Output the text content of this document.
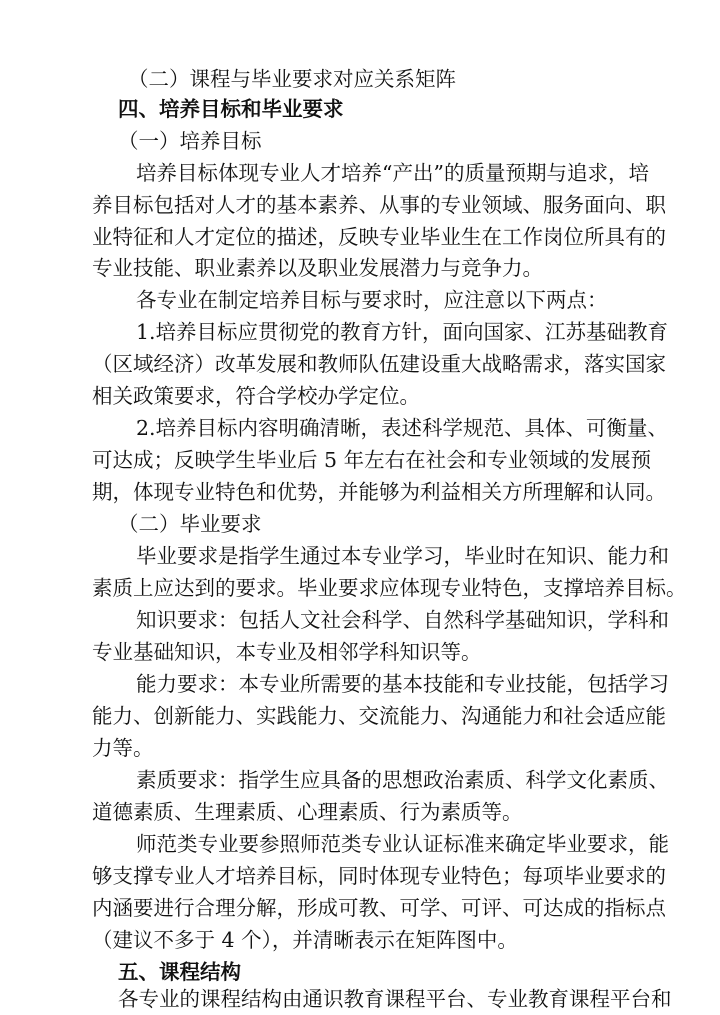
（二）课程与毕业要求对应关系矩阵
四、培养目标和毕业要求
（一）培养目标
培养目标体现专业人才培养“产出”的质量预期与追求，培
养目标包括对人才的基本素养、从事的专业领域、服务面向、职
业特征和人才定位的描述，反映专业毕业生在工作岗位所具有的
专业技能、职业素养以及职业发展潜力与竞争力。
各专业在制定培养目标与要求时，应注意以下两点：
1.培养目标应贯彻党的教育方针，面向国家、江苏基础教育
（区域经济）改革发展和教师队伍建设重大战略需求，落实国家
相关政策要求，符合学校办学定位。
2.培养目标内容明确清晰，表述科学规范、具体、可衡量、
可达成；反映学生毕业后 5 年左右在社会和专业领域的发展预
期，体现专业特色和优势，并能够为利益相关方所理解和认同。
（二）毕业要求
毕业要求是指学生通过本专业学习，毕业时在知识、能力和
素质上应达到的要求。毕业要求应体现专业特色，支撑培养目标。
知识要求：包括人文社会科学、自然科学基础知识，学科和
专业基础知识，本专业及相邻学科知识等。
能力要求：本专业所需要的基本技能和专业技能，包括学习
能力、创新能力、实践能力、交流能力、沟通能力和社会适应能
力等。
素质要求：指学生应具备的思想政治素质、科学文化素质、
道德素质、生理素质、心理素质、行为素质等。
师范类专业要参照师范类专业认证标准来确定毕业要求，能
够支撑专业人才培养目标，同时体现专业特色；每项毕业要求的
内涵要进行合理分解，形成可教、可学、可评、可达成的指标点
（建议不多于 4 个），并清晰表示在矩阵图中。
五、课程结构
各专业的课程结构由通识教育课程平台、专业教育课程平台和
